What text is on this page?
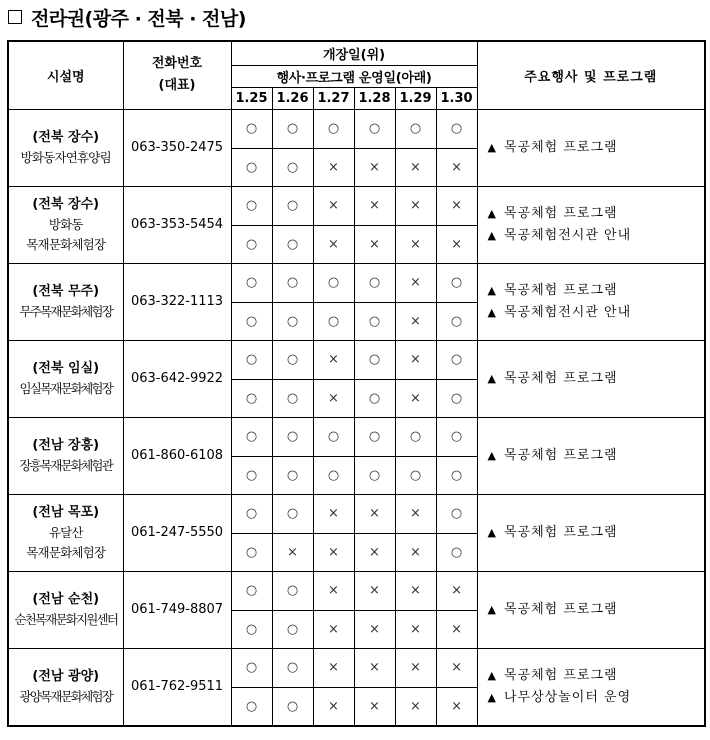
전라권(광주 · 전북 · 전남)
시설명	전화번호
(대표)	개장일(위)						주요행사 및 프로그램
		행사·프로그램 운영일(아래)						
		1.25	1.26	1.27	1.28	1.29	1.30	

(전북 장수)
방화동자연휴양림	063-350-2475	○	○	○	○	○	○	▲ 목공체험 프로그램

		○	○	×	×	×	×	

(전북 장수)
방화동
목재문화체험장	063-353-5454	○	○	×	×	×	×	▲ 목공체험 프로그램
▲ 목공체험전시관 안내

		○	○	×	×	×	×	

(전북 무주)
무주목재문화체험장	063-322-1113	○	○	○	○	×	○	▲ 목공체험 프로그램
▲ 목공체험전시관 안내

		○	○	○	○	×	○	

(전북 임실)
임실목재문화체험장	063-642-9922	○	○	×	○	×	○	▲ 목공체험 프로그램

		○	○	×	○	×	○	

(전남 장흥)
장흥목재문화체험관	061-860-6108	○	○	○	○	○	○	▲ 목공체험 프로그램

		○	○	○	○	○	○	

(전남 목포)
유달산
목재문화체험장	061-247-5550	○	○	×	×	×	○	▲ 목공체험 프로그램

		○	×	×	×	×	○	

(전남 순천)
순천목재문화지원센터	061-749-8807	○	○	×	×	×	×	▲ 목공체험 프로그램

		○	○	×	×	×	×	

(전남 광양)
광양목재문화체험장	061-762-9511	○	○	×	×	×	×	▲ 목공체험 프로그램
▲ 나무상상놀이터 운영

		○	○	×	×	×	×	
